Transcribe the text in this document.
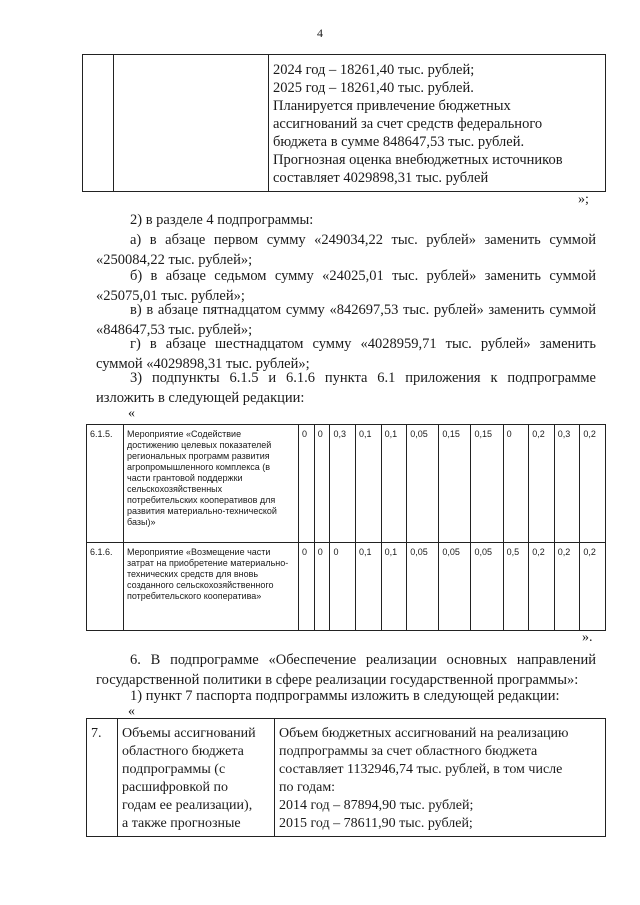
4

2024 год – 18261,40 тыс. рублей;
2025 год – 18261,40 тыс. рублей.
Планируется привлечение бюджетных
ассигнований за счет средств федерального
бюджета в сумме 848647,53 тыс. рублей.
Прогнозная оценка внебюджетных источников
составляет 4029898,31 тыс. рублей
»;
2) в разделе 4 подпрограммы:
а) в абзаце первом сумму «249034,22 тыс. рублей» заменить суммой «250084,22 тыс. рублей»;
б) в абзаце седьмом сумму «24025,01 тыс. рублей» заменить суммой «25075,01 тыс. рублей»;
в) в абзаце пятнадцатом сумму «842697,53 тыс. рублей» заменить суммой «848647,53 тыс. рублей»;
г) в абзаце шестнадцатом сумму «4028959,71 тыс. рублей» заменить суммой «4029898,31 тыс. рублей»;
3) подпункты 6.1.5 и 6.1.6 пункта 6.1 приложения к подпрограмме изложить в следующей редакции:
«
6.1.5.	Мероприятие «Содействие достижению целевых показателей региональных программ развития агропромышленного комплекса (в части грантовой поддержки сельскохозяйственных потребительских кооперативов для развития материально-технической базы)»	0	0	0,3	0,1	0,1	0,05	0,15	0,15	0	0,2	0,3	0,2
6.1.6.	Мероприятие «Возмещение части затрат на приобретение материально-технических средств для вновь созданного сельскохозяйственного потребительского кооператива»	0	0	0	0,1	0,1	0,05	0,05	0,05	0,5	0,2	0,2	0,2
».
6. В подпрограмме «Обеспечение реализации основных направлений государственной политики в сфере реализации государственной программы»:
1) пункт 7 паспорта подпрограммы изложить в следующей редакции:
«
7.	Объемы ассигнований
областного бюджета
подпрограммы (с
расшифровкой по
годам ее реализации),
а также прогнозные

Объем бюджетных ассигнований на реализацию
подпрограммы за счет областного бюджета
составляет 1132946,74 тыс. рублей, в том числе
по годам:
2014 год – 87894,90 тыс. рублей;
2015 год – 78611,90 тыс. рублей;
